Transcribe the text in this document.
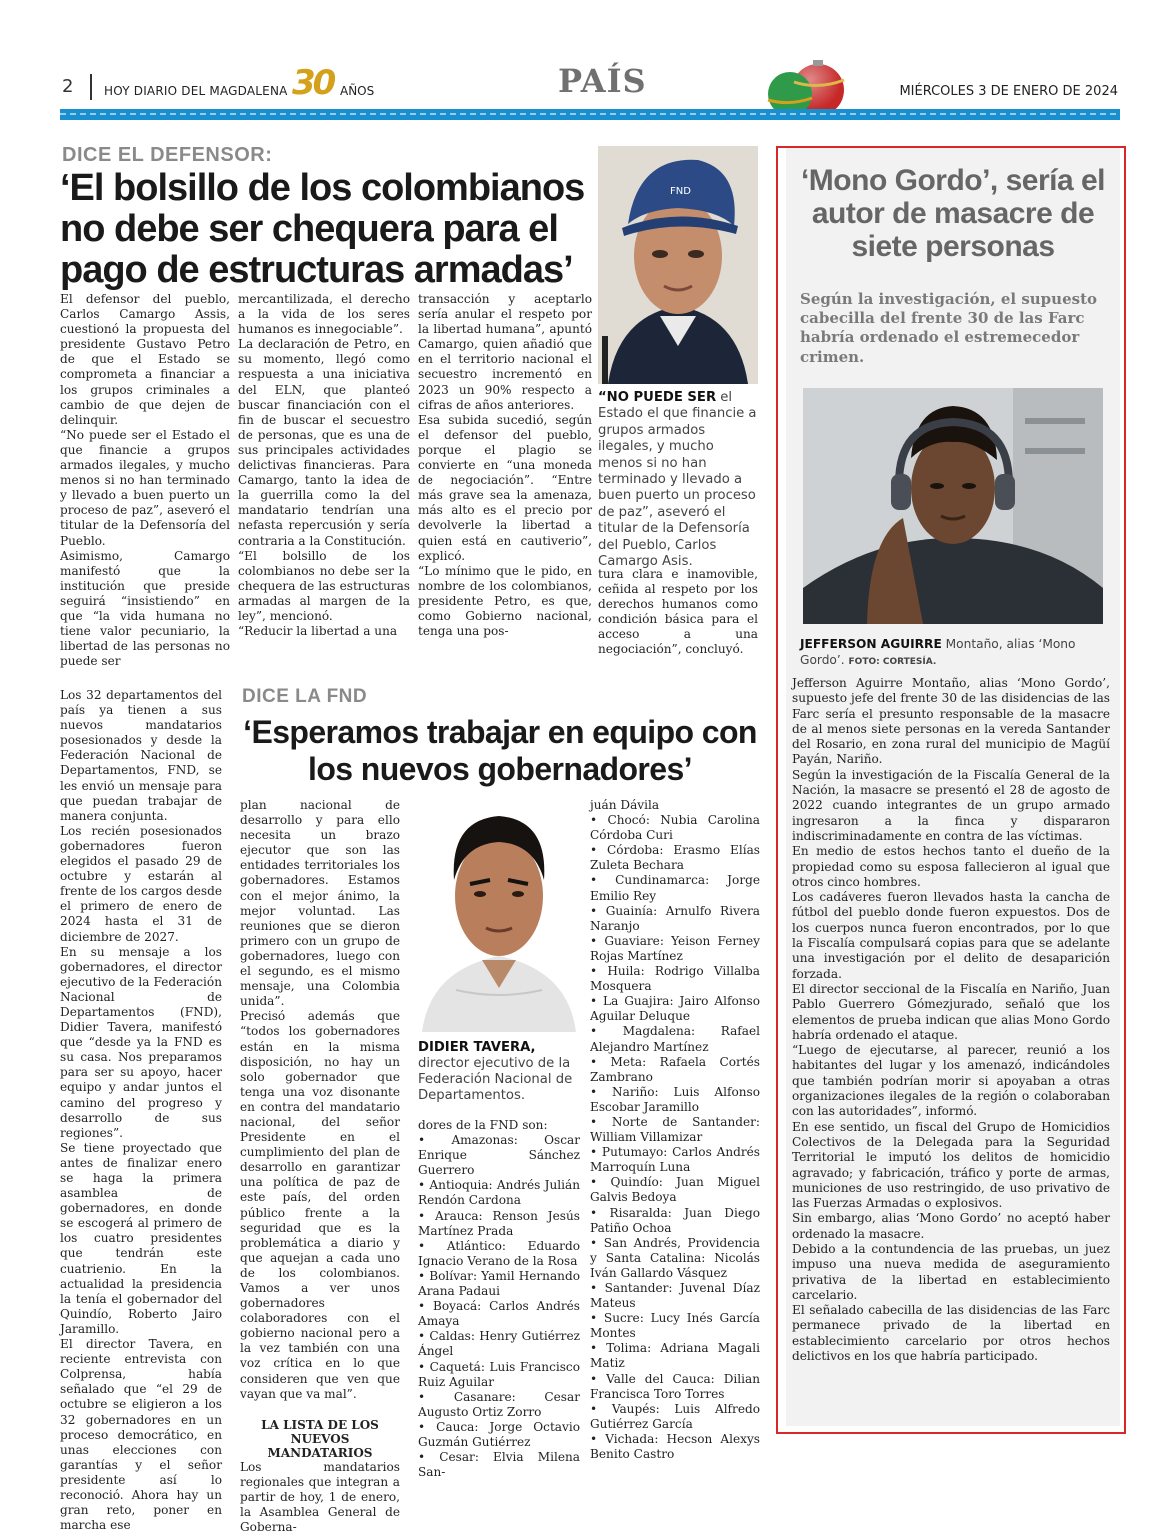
2	HOY DIARIO DEL MAGDALENA 30 AÑOS	PAÍS	MIÉRCOLES 3 DE ENERO DE 2024
DICE EL DEFENSOR:
‘El bolsillo de los colombianos no debe ser chequera para el pago de estructuras armadas’

El defensor del pueblo, Carlos Camargo Assis, cuestionó la propuesta del presidente Gustavo Petro de que el Estado se comprometa a financiar a los grupos criminales a cambio de que dejen de delinquir.

“No puede ser el Estado el que financie a grupos armados ilegales, y mucho menos si no han terminado y llevado a buen puerto un proceso de paz”, aseveró el titular de la Defensoría del Pueblo.

Asimismo, Camargo manifestó que la institución que preside seguirá “insistiendo” en que “la vida humana no tiene valor pecuniario, la libertad de las personas no puede ser

mercantilizada, el derecho a la vida de los seres humanos es innegociable”.

La declaración de Petro, en su momento, llegó como respuesta a una iniciativa del ELN, que planteó buscar financiación con el fin de buscar el secuestro de personas, que es una de sus principales actividades delictivas financieras. Para Camargo, tanto la idea de la guerrilla como la del mandatario tendrían una nefasta repercusión y sería contraria a la Constitución.

“El bolsillo de los colombianos no debe ser la chequera de las estructuras armadas al margen de la ley”, mencionó.

“Reducir la libertad a una

transacción y aceptarlo sería anular el respeto por la libertad humana”, apuntó Camargo, quien añadió que en el territorio nacional el secuestro incrementó en 2023 un 90% respecto a cifras de años anteriores.

Esa subida sucedió, según el defensor del pueblo, porque el plagio se convierte en “una moneda de negociación”. “Entre más grave sea la amenaza, más alto es el precio por devolverle la libertad a quien está en cautiverio”, explicó.

“Lo mínimo que le pido, en nombre de los colombianos, presidente Petro, es que, como Gobierno nacional, tenga una pos-

FND
“NO PUEDE SER el Estado el que financie a grupos armados ilegales, y mucho menos si no han terminado y llevado a buen puerto un proceso de paz”, aseveró el titular de la Defensoría del Pueblo, Carlos Camargo Asis.

tura clara e inamovible, ceñida al respeto por los derechos humanos como condición básica para el acceso a una negociación”, concluyó.

‘Mono Gordo’, sería el autor de masacre de siete personas

Según la investigación, el supuesto cabecilla del frente 30 de las Farc habría ordenado el estremecedor crimen.

JEFFERSON AGUIRRE Montaño, alias ‘Mono Gordo’. FOTO: CORTESÍA.

Jefferson Aguirre Montaño, alias ‘Mono Gordo’, supuesto jefe del frente 30 de las disidencias de las Farc sería el presunto responsable de la masacre de al menos siete personas en la vereda Santander del Rosario, en zona rural del municipio de Magüí Payán, Nariño.

Según la investigación de la Fiscalía General de la Nación, la masacre se presentó el 28 de agosto de 2022 cuando integrantes de un grupo armado ingresaron a la finca y dispararon indiscriminadamente en contra de las víctimas.

En medio de estos hechos tanto el dueño de la propiedad como su esposa fallecieron al igual que otros cinco hombres.

Los cadáveres fueron llevados hasta la cancha de fútbol del pueblo donde fueron expuestos. Dos de los cuerpos nunca fueron encontrados, por lo que la Fiscalía compulsará copias para que se adelante una investigación por el delito de desaparición forzada.

El director seccional de la Fiscalía en Nariño, Juan Pablo Guerrero Gómezjurado, señaló que los elementos de prueba indican que alias Mono Gordo habría ordenado el ataque.

“Luego de ejecutarse, al parecer, reunió a los habitantes del lugar y los amenazó, indicándoles que también podrían morir si apoyaban a otras organizaciones ilegales de la región o colaboraban con las autoridades”, informó.

En ese sentido, un fiscal del Grupo de Homicidios Colectivos de la Delegada para la Seguridad Territorial le imputó los delitos de homicidio agravado; y fabricación, tráfico y porte de armas, municiones de uso restringido, de uso privativo de las Fuerzas Armadas o explosivos.

Sin embargo, alias ‘Mono Gordo’ no aceptó haber ordenado la masacre.

Debido a la contundencia de las pruebas, un juez impuso una nueva medida de aseguramiento privativa de la libertad en establecimiento carcelario.

El señalado cabecilla de las disidencias de las Farc permanece privado de la libertad en establecimiento carcelario por otros hechos delictivos en los que habría participado.

Los 32 departamentos del país ya tienen a sus nuevos mandatarios posesionados y desde la Federación Nacional de Departamentos, FND, se les envió un mensaje para que puedan trabajar de manera conjunta.

Los recién posesionados gobernadores fueron elegidos el pasado 29 de octubre y estarán al frente de los cargos desde el primero de enero de 2024 hasta el 31 de diciembre de 2027.

En su mensaje a los gobernadores, el director ejecutivo de la Federación Nacional de Departamentos (FND), Didier Tavera, manifestó que “desde ya la FND es su casa. Nos preparamos para ser su apoyo, hacer equipo y andar juntos el camino del progreso y desarrollo de sus regiones”.

Se tiene proyectado que antes de finalizar enero se haga la primera asamblea de gobernadores, en donde se escogerá al primero de los cuatro presidentes que tendrán este cuatrienio. En la actualidad la presidencia la tenía el gobernador del Quindío, Roberto Jairo Jaramillo.

El director Tavera, en reciente entrevista con Colprensa, había señalado que “el 29 de octubre se eligieron a los 32 gobernadores en un proceso democrático, en unas elecciones con garantías y el señor presidente así lo reconoció. Ahora hay un gran reto, poner en marcha ese

DICE LA FND
‘Esperamos trabajar en equipo con los nuevos gobernadores’

plan nacional de desarrollo y para ello necesita un brazo ejecutor que son las entidades territoriales los gobernadores. Estamos con el mejor ánimo, la mejor voluntad. Las reuniones que se dieron primero con un grupo de gobernadores, luego con el segundo, es el mismo mensaje, una Colombia unida”.

Precisó además que “todos los gobernadores están en la misma disposición, no hay un solo gobernador que tenga una voz disonante en contra del mandatario nacional, del señor Presidente en el cumplimiento del plan de desarrollo en garantizar una política de paz de este país, del orden público frente a la seguridad que es la problemática a diario y que aquejan a cada uno de los colombianos. Vamos a ver unos gobernadores colaboradores con el gobierno nacional pero a la vez también con una voz crítica en lo que consideren que ven que vayan que va mal”.

LA LISTA DE LOS NUEVOS MANDATARIOS

Los mandatarios regionales que integran a partir de hoy, 1 de enero, la Asamblea General de Goberna-

DIDIER TAVERA, director ejecutivo de la Federación Nacional de Departamentos.

dores de la FND son:

• Amazonas: Oscar Enrique Sánchez Guerrero

• Antioquia: Andrés Julián Rendón Cardona

• Arauca: Renson Jesús Martínez Prada

• Atlántico: Eduardo Ignacio Verano de la Rosa

• Bolívar: Yamil Hernando Arana Padaui

• Boyacá: Carlos Andrés Amaya

• Caldas: Henry Gutiérrez Ángel

• Caquetá: Luis Francisco Ruiz Aguilar

• Casanare: Cesar Augusto Ortiz Zorro

• Cauca: Jorge Octavio Guzmán Gutiérrez

• Cesar: Elvia Milena San-

juán Dávila

• Chocó: Nubia Carolina Córdoba Curi

• Córdoba: Erasmo Elías Zuleta Bechara

• Cundinamarca: Jorge Emilio Rey

• Guainía: Arnulfo Rivera Naranjo

• Guaviare: Yeison Ferney Rojas Martínez

• Huila: Rodrigo Villalba Mosquera

• La Guajira: Jairo Alfonso Aguilar Deluque

• Magdalena: Rafael Alejandro Martínez

• Meta: Rafaela Cortés Zambrano

• Nariño: Luis Alfonso Escobar Jaramillo

• Norte de Santander: William Villamizar

• Putumayo: Carlos Andrés Marroquín Luna

• Quindío: Juan Miguel Galvis Bedoya

• Risaralda: Juan Diego Patiño Ochoa

• San Andrés, Providencia y Santa Catalina: Nicolás Iván Gallardo Vásquez

• Santander: Juvenal Díaz Mateus

• Sucre: Lucy Inés García Montes

• Tolima: Adriana Magali Matiz

• Valle del Cauca: Dilian Francisca Toro Torres

• Vaupés: Luis Alfredo Gutiérrez García

• Vichada: Hecson Alexys Benito Castro
